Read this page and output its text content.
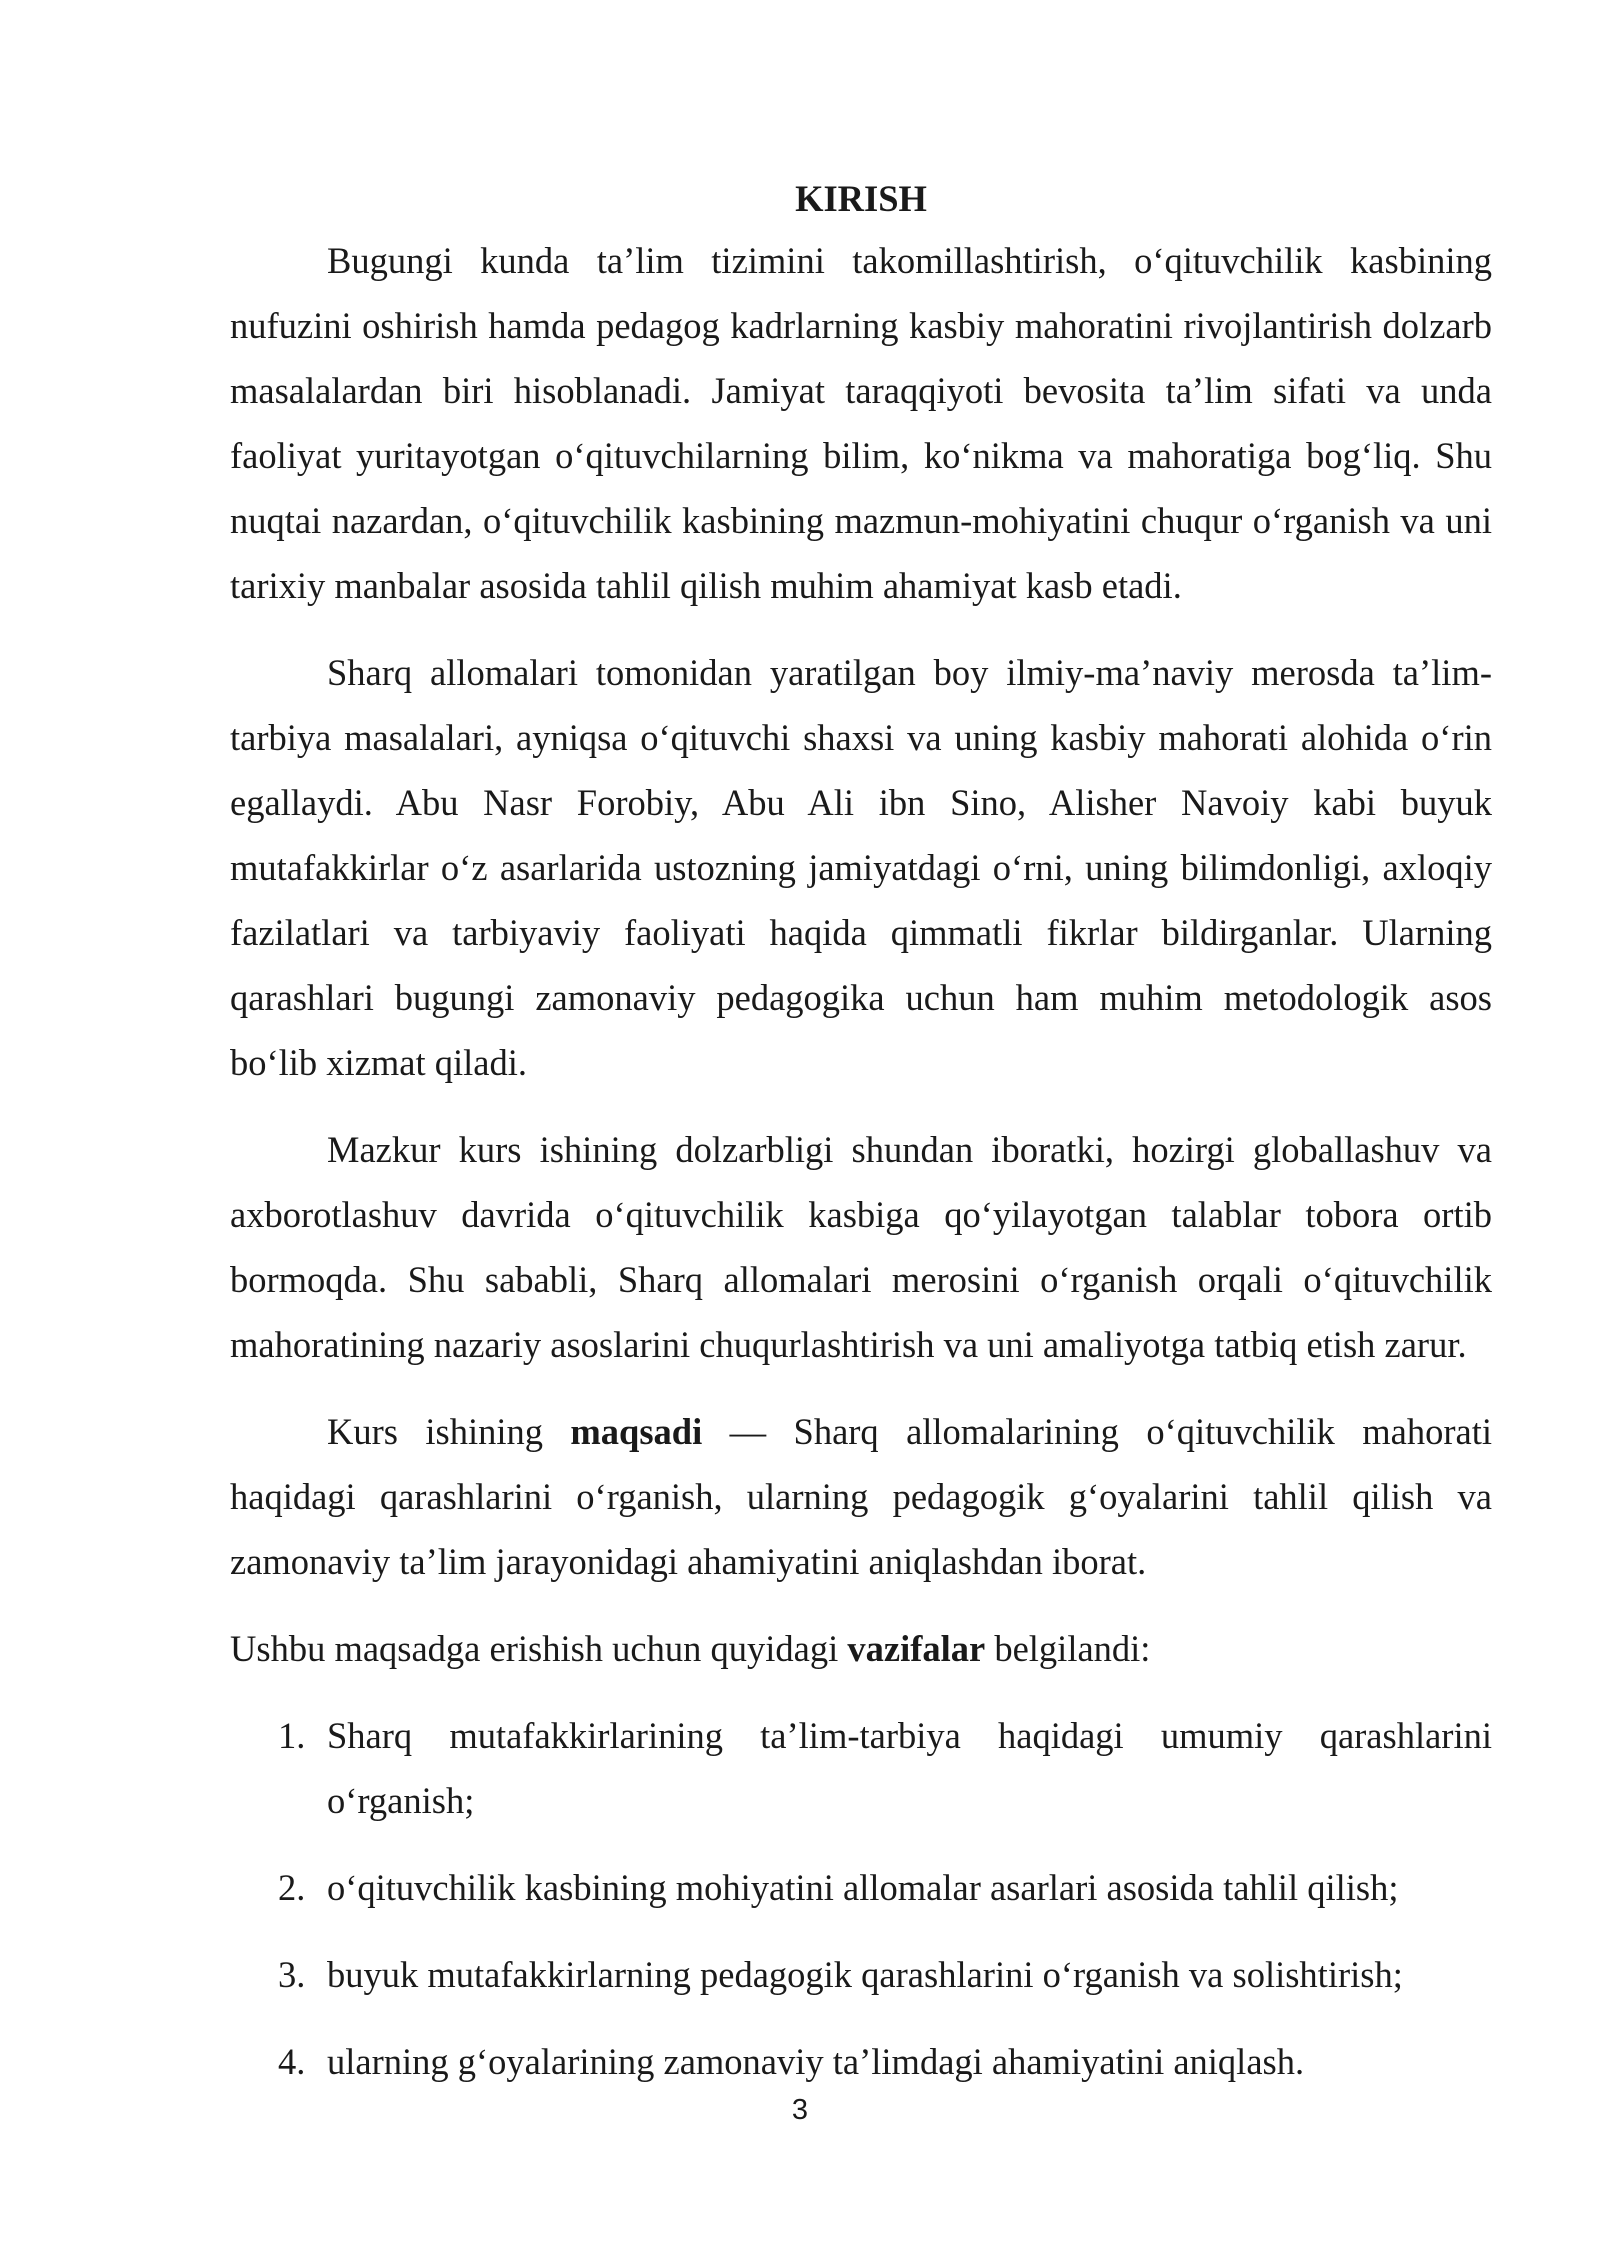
KIRISH

Bugungi kunda ta’lim tizimini takomillashtirish, o‘qituvchilik kasbining nufuzini oshirish hamda pedagog kadrlarning kasbiy mahoratini rivojlantirish dolzarb masalalardan biri hisoblanadi. Jamiyat taraqqiyoti bevosita ta’lim sifati va unda faoliyat yuritayotgan o‘qituvchilarning bilim, ko‘nikma va mahoratiga bog‘liq. Shu nuqtai nazardan, o‘qituvchilik kasbining mazmun-mohiyatini chuqur o‘rganish va uni tarixiy manbalar asosida tahlil qilish muhim ahamiyat kasb etadi.

Sharq allomalari tomonidan yaratilgan boy ilmiy-ma’naviy merosda ta’lim-tarbiya masalalari, ayniqsa o‘qituvchi shaxsi va uning kasbiy mahorati alohida o‘rin egallaydi. Abu Nasr Forobiy, Abu Ali ibn Sino, Alisher Navoiy kabi buyuk mutafakkirlar o‘z asarlarida ustozning jamiyatdagi o‘rni, uning bilimdonligi, axloqiy fazilatlari va tarbiyaviy faoliyati haqida qimmatli fikrlar bildirganlar. Ularning qarashlari bugungi zamonaviy pedagogika uchun ham muhim metodologik asos bo‘lib xizmat qiladi.

Mazkur kurs ishining dolzarbligi shundan iboratki, hozirgi globallashuv va axborotlashuv davrida o‘qituvchilik kasbiga qo‘yilayotgan talablar tobora ortib bormoqda. Shu sababli, Sharq allomalari merosini o‘rganish orqali o‘qituvchilik mahoratining nazariy asoslarini chuqurlashtirish va uni amaliyotga tatbiq etish zarur.

Kurs ishining maqsadi — Sharq allomalarining o‘qituvchilik mahorati haqidagi qarashlarini o‘rganish, ularning pedagogik g‘oyalarini tahlil qilish va zamonaviy ta’lim jarayonidagi ahamiyatini aniqlashdan iborat.

Ushbu maqsadga erishish uchun quyidagi vazifalar belgilandi:

1. Sharq mutafakkirlarining ta’lim-tarbiya haqidagi umumiy qarashlarini o‘rganish;
2. o‘qituvchilik kasbining mohiyatini allomalar asarlari asosida tahlil qilish;
3. buyuk mutafakkirlarning pedagogik qarashlarini o‘rganish va solishtirish;
4. ularning g‘oyalarining zamonaviy ta’limdagi ahamiyatini aniqlash.
3
